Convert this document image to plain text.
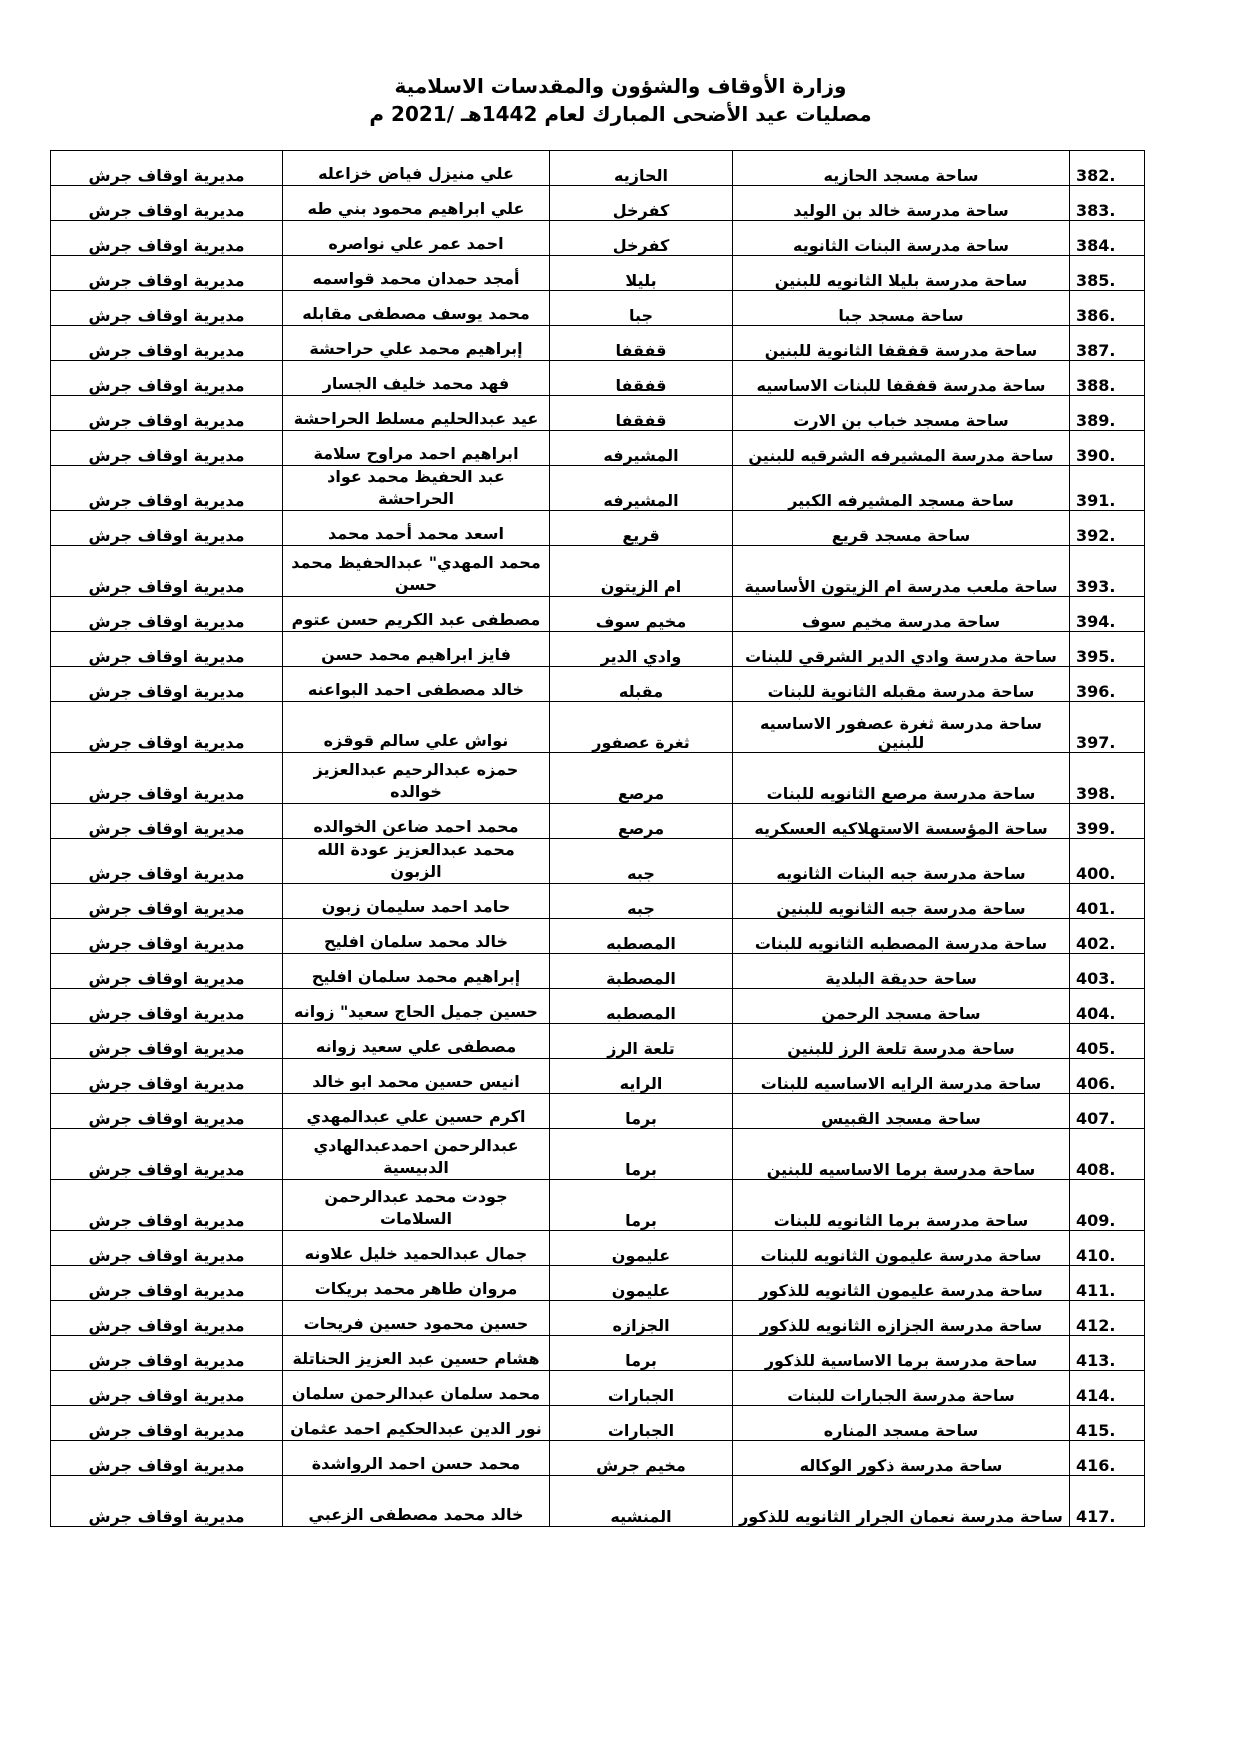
وزارة الأوقاف والشؤون والمقدسات الاسلامية

مصليات عيد الأضحى المبارك لعام 1442هـ /2021 م

382.	ساحة مسجد الحازيه	الحازيه	علي منيزل فياض خزاعله	مديرية اوقاف جرش
383.	ساحة مدرسة خالد بن الوليد	كفرخل	علي ابراهيم محمود بني طه	مديرية اوقاف جرش
384.	ساحة مدرسة البنات الثانويه	كفرخل	احمد عمر علي نواصره	مديرية اوقاف جرش
385.	ساحة مدرسة بليلا الثانويه للبنين	بليلا	أمجد حمدان محمد قواسمه	مديرية اوقاف جرش
386.	ساحة مسجد جبا	جبا	محمد يوسف مصطفى مقابله	مديرية اوقاف جرش
387.	ساحة مدرسة قفقفا الثانوية للبنين	قفقفا	إبراهيم محمد علي حراحشة	مديرية اوقاف جرش
388.	ساحة مدرسة قفقفا للبنات الاساسيه	قفقفا	فهد محمد خليف الجسار	مديرية اوقاف جرش
389.	ساحة مسجد خباب بن الارت	قفقفا	عيد عبدالحليم مسلط الحراحشة	مديرية اوقاف جرش
390.	ساحة مدرسة المشيرفه الشرقيه للبنين	المشيرفه	ابراهيم احمد مراوح سلامة	مديرية اوقاف جرش
391.	ساحة مسجد المشيرفه الكبير	المشيرفه	عبد الحفيظ محمد عواد الحراحشة	مديرية اوقاف جرش
392.	ساحة مسجد قريع	قريع	اسعد محمد أحمد محمد	مديرية اوقاف جرش
393.	ساحة ملعب مدرسة ام الزيتون الأساسية	ام الزيتون	محمد المهدي" عبدالحفيظ محمد حسن	مديرية اوقاف جرش
394.	ساحة مدرسة مخيم سوف	مخيم سوف	مصطفى عبد الكريم حسن عتوم	مديرية اوقاف جرش
395.	ساحة مدرسة وادي الدير الشرقي للبنات	وادي الدير	فايز ابراهيم محمد حسن	مديرية اوقاف جرش
396.	ساحة مدرسة مقبله الثانوية للبنات	مقبله	خالد مصطفى احمد البواعنه	مديرية اوقاف جرش
397.	ساحة مدرسة ثغرة عصفور الاساسيه للبنين	ثغرة عصفور	نواش علي سالم قوقزه	مديرية اوقاف جرش
398.	ساحة مدرسة مرصع الثانويه للبنات	مرصع	حمزه عبدالرحيم عبدالعزيز خوالده	مديرية اوقاف جرش
399.	ساحة المؤسسة الاستهلاكيه العسكريه	مرصع	محمد احمد ضاعن الخوالده	مديرية اوقاف جرش
400.	ساحة مدرسة جبه البنات الثانويه	جبه	محمد عبدالعزيز عودة الله الزبون	مديرية اوقاف جرش
401.	ساحة مدرسة جبه الثانويه للبنين	جبه	حامد احمد سليمان زبون	مديرية اوقاف جرش
402.	ساحة مدرسة المصطبه الثانويه للبنات	المصطبه	خالد محمد سلمان افليح	مديرية اوقاف جرش
403.	ساحة حديقة البلدية	المصطبة	إبراهيم محمد سلمان افليح	مديرية اوقاف جرش
404.	ساحة مسجد الرحمن	المصطبه	حسين جميل الحاج سعيد" زوانه	مديرية اوقاف جرش
405.	ساحة مدرسة تلعة الرز للبنين	تلعة الرز	مصطفى علي سعيد زوانه	مديرية اوقاف جرش
406.	ساحة مدرسة الرايه الاساسيه للبنات	الرايه	انيس حسين محمد ابو خالد	مديرية اوقاف جرش
407.	ساحة مسجد القبيس	برما	اكرم حسين علي عبدالمهدي	مديرية اوقاف جرش
408.	ساحة مدرسة برما الاساسيه للبنين	برما	عبدالرحمن احمدعبدالهادي الدبيسية	مديرية اوقاف جرش
409.	ساحة مدرسة برما الثانويه للبنات	برما	جودت محمد عبدالرحمن السلامات	مديرية اوقاف جرش
410.	ساحة مدرسة عليمون الثانويه للبنات	عليمون	جمال عبدالحميد خليل علاونه	مديرية اوقاف جرش
411.	ساحة مدرسة عليمون الثانويه للذكور	عليمون	مروان طاهر محمد بريكات	مديرية اوقاف جرش
412.	ساحة مدرسة الجزازه الثانويه للذكور	الجزازه	حسين محمود حسين فريحات	مديرية اوقاف جرش
413.	ساحة مدرسة برما الاساسية للذكور	برما	هشام حسين عبد العزيز الحناتلة	مديرية اوقاف جرش
414.	ساحة مدرسة الجبارات للبنات	الجبارات	محمد سلمان عبدالرحمن سلمان	مديرية اوقاف جرش
415.	ساحة مسجد المناره	الجبارات	نور الدين عبدالحكيم احمد عثمان	مديرية اوقاف جرش
416.	ساحة مدرسة ذكور الوكاله	مخيم جرش	محمد حسن احمد الرواشدة	مديرية اوقاف جرش
417.	ساحة مدرسة نعمان الجرار الثانويه للذكور	المنشيه	خالد محمد مصطفى الزعبي	مديرية اوقاف جرش
